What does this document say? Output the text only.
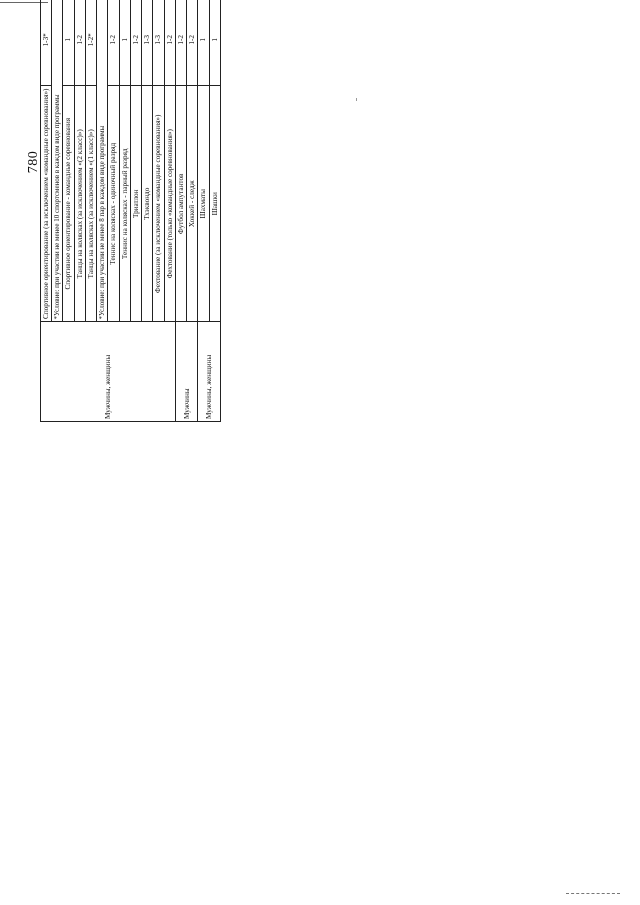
780
Мужчины, женщины	Спортивное ориентирование (за исключением «командные соревнования»)	1-3*	
	*Условие: при участии не менее 10 спортсменов в каждом виде программы		
	Спортивное ориентирование - командные соревнования	1	
	Танцы на колясках (за исключением «(2 класс)»)	1-2	
	Танцы на колясках (за исключением «(1 класс)»)	1-2*	
	*Условие: при участии не менее 8 пар в каждом виде программы		
	Теннис на колясках - одиночный разряд	1-2	
	Теннис на колясках - парный разряд	1	
	Триатлон	1-2	
	Тхэквондо	1-3	
	Фехтование (за исключением «командные соревнования»)	1-3	
	Фехтование (только «командные соревнования»)	1-2	
Мужчины	Футбол ампутантов	1-2	
	Хоккей - следж	1-2	
Мужчины, женщины	Шахматы	1	
	Шашки	1	
